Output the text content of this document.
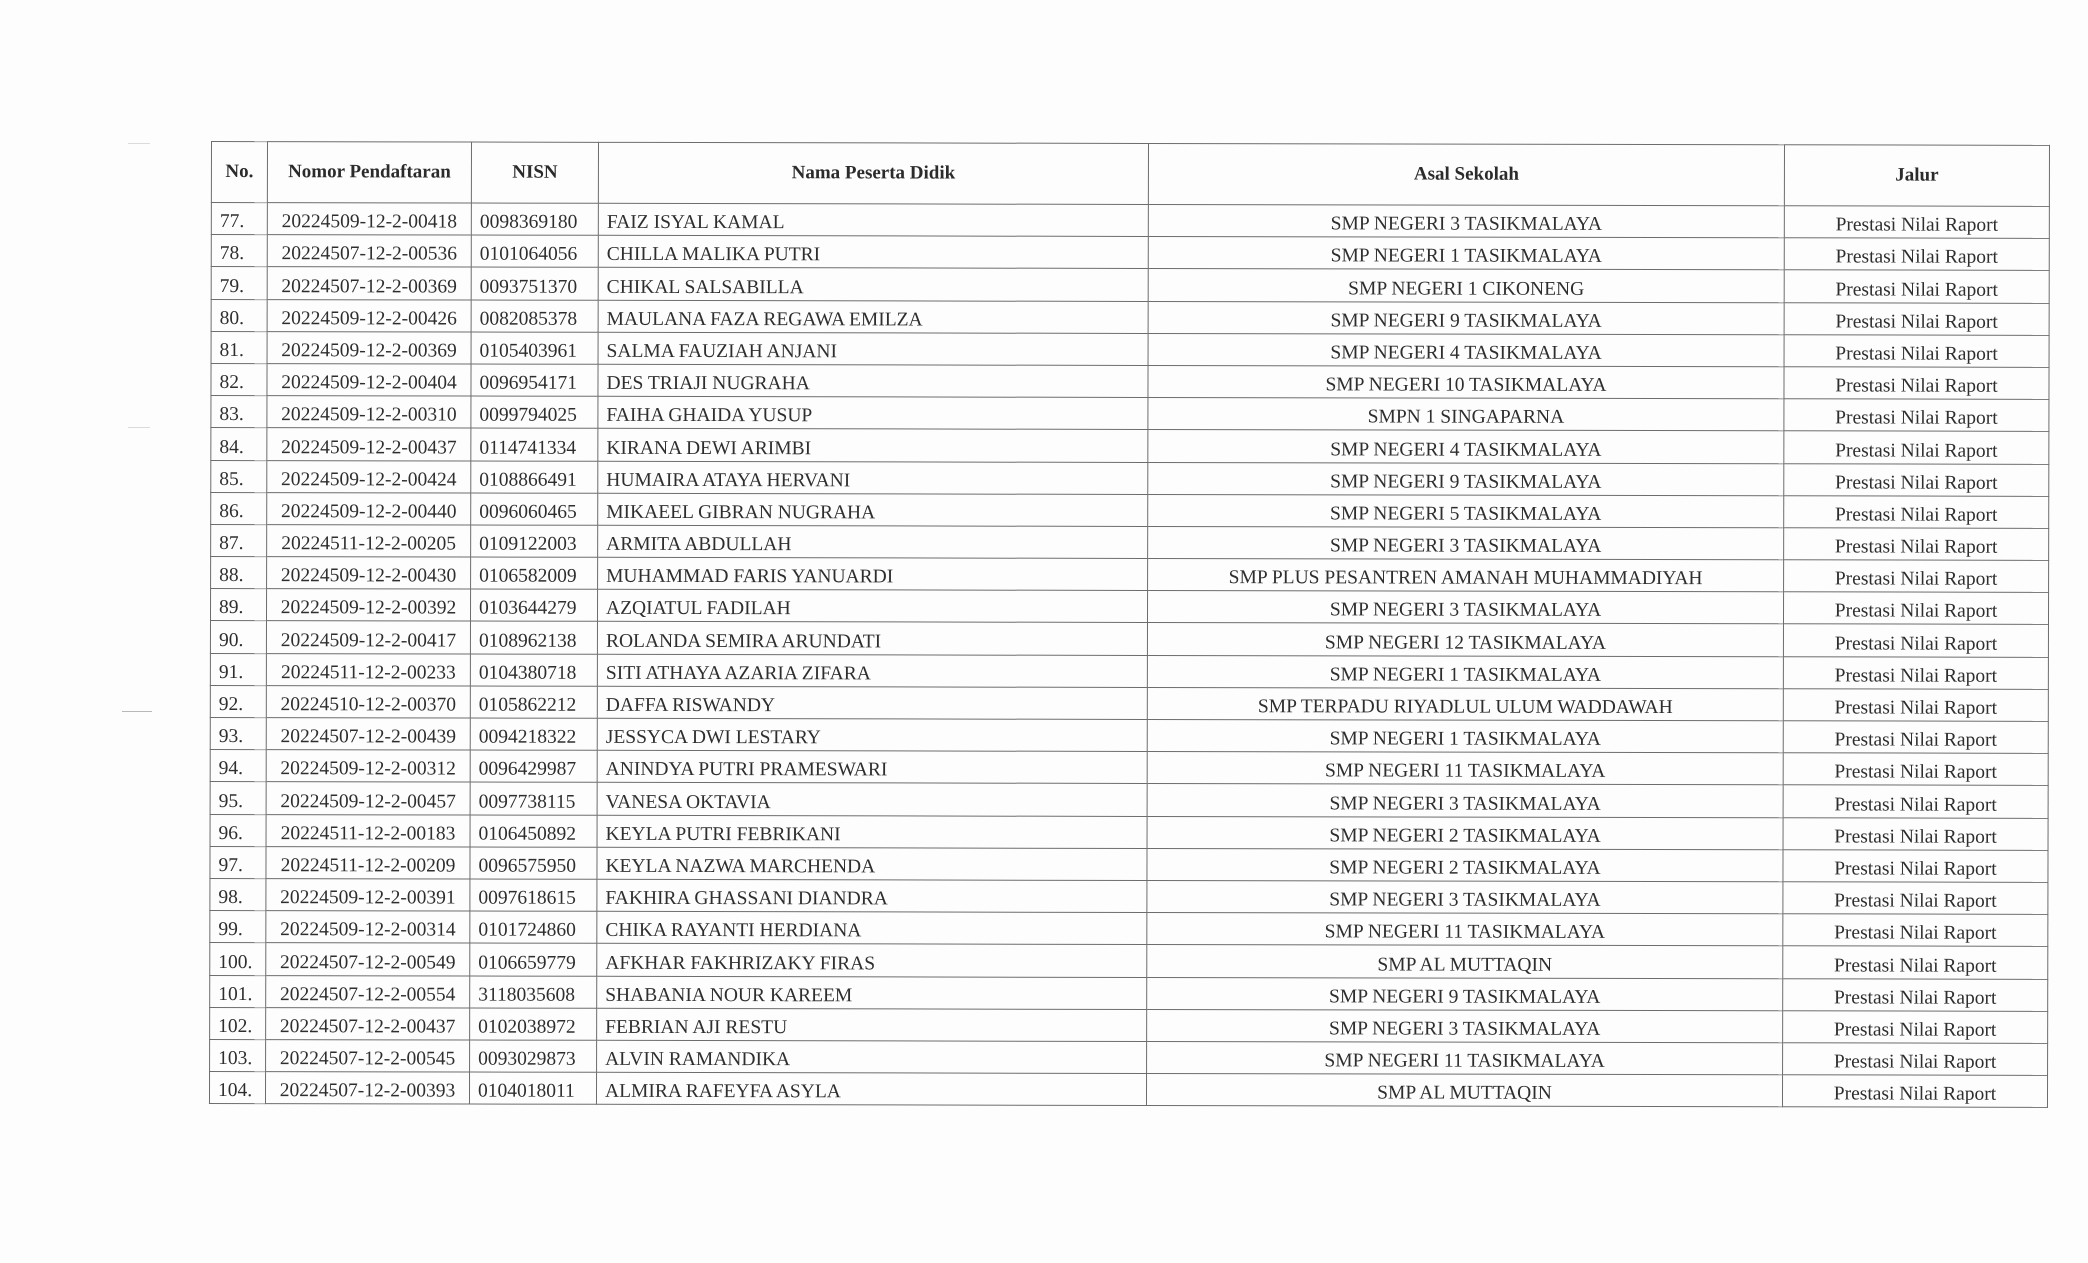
No.	Nomor Pendaftaran	NISN	Nama Peserta Didik	Asal Sekolah	Jalur
77.	20224509-12-2-00418	0098369180	FAIZ ISYAL KAMAL	SMP NEGERI 3 TASIKMALAYA	Prestasi Nilai Raport
78.	20224507-12-2-00536	0101064056	CHILLA MALIKA PUTRI	SMP NEGERI 1 TASIKMALAYA	Prestasi Nilai Raport
79.	20224507-12-2-00369	0093751370	CHIKAL SALSABILLA	SMP NEGERI 1 CIKONENG	Prestasi Nilai Raport
80.	20224509-12-2-00426	0082085378	MAULANA FAZA REGAWA EMILZA	SMP NEGERI 9 TASIKMALAYA	Prestasi Nilai Raport
81.	20224509-12-2-00369	0105403961	SALMA FAUZIAH ANJANI	SMP NEGERI 4 TASIKMALAYA	Prestasi Nilai Raport
82.	20224509-12-2-00404	0096954171	DES TRIAJI NUGRAHA	SMP NEGERI 10 TASIKMALAYA	Prestasi Nilai Raport
83.	20224509-12-2-00310	0099794025	FAIHA GHAIDA YUSUP	SMPN 1 SINGAPARNA	Prestasi Nilai Raport
84.	20224509-12-2-00437	0114741334	KIRANA DEWI ARIMBI	SMP NEGERI 4 TASIKMALAYA	Prestasi Nilai Raport
85.	20224509-12-2-00424	0108866491	HUMAIRA ATAYA HERVANI	SMP NEGERI 9 TASIKMALAYA	Prestasi Nilai Raport
86.	20224509-12-2-00440	0096060465	MIKAEEL GIBRAN NUGRAHA	SMP NEGERI 5 TASIKMALAYA	Prestasi Nilai Raport
87.	20224511-12-2-00205	0109122003	ARMITA ABDULLAH	SMP NEGERI 3 TASIKMALAYA	Prestasi Nilai Raport
88.	20224509-12-2-00430	0106582009	MUHAMMAD FARIS YANUARDI	SMP PLUS PESANTREN AMANAH MUHAMMADIYAH	Prestasi Nilai Raport
89.	20224509-12-2-00392	0103644279	AZQIATUL FADILAH	SMP NEGERI 3 TASIKMALAYA	Prestasi Nilai Raport
90.	20224509-12-2-00417	0108962138	ROLANDA SEMIRA ARUNDATI	SMP NEGERI 12 TASIKMALAYA	Prestasi Nilai Raport
91.	20224511-12-2-00233	0104380718	SITI ATHAYA AZARIA ZIFARA	SMP NEGERI 1 TASIKMALAYA	Prestasi Nilai Raport
92.	20224510-12-2-00370	0105862212	DAFFA RISWANDY	SMP TERPADU RIYADLUL ULUM WADDAWAH	Prestasi Nilai Raport
93.	20224507-12-2-00439	0094218322	JESSYCA DWI LESTARY	SMP NEGERI 1 TASIKMALAYA	Prestasi Nilai Raport
94.	20224509-12-2-00312	0096429987	ANINDYA PUTRI PRAMESWARI	SMP NEGERI 11 TASIKMALAYA	Prestasi Nilai Raport
95.	20224509-12-2-00457	0097738115	VANESA OKTAVIA	SMP NEGERI 3 TASIKMALAYA	Prestasi Nilai Raport
96.	20224511-12-2-00183	0106450892	KEYLA PUTRI FEBRIKANI	SMP NEGERI 2 TASIKMALAYA	Prestasi Nilai Raport
97.	20224511-12-2-00209	0096575950	KEYLA NAZWA MARCHENDA	SMP NEGERI 2 TASIKMALAYA	Prestasi Nilai Raport
98.	20224509-12-2-00391	0097618615	FAKHIRA GHASSANI DIANDRA	SMP NEGERI 3 TASIKMALAYA	Prestasi Nilai Raport
99.	20224509-12-2-00314	0101724860	CHIKA RAYANTI HERDIANA	SMP NEGERI 11 TASIKMALAYA	Prestasi Nilai Raport
100.	20224507-12-2-00549	0106659779	AFKHAR FAKHRIZAKY FIRAS	SMP AL MUTTAQIN	Prestasi Nilai Raport
101.	20224507-12-2-00554	3118035608	SHABANIA NOUR KAREEM	SMP NEGERI 9 TASIKMALAYA	Prestasi Nilai Raport
102.	20224507-12-2-00437	0102038972	FEBRIAN AJI RESTU	SMP NEGERI 3 TASIKMALAYA	Prestasi Nilai Raport
103.	20224507-12-2-00545	0093029873	ALVIN RAMANDIKA	SMP NEGERI 11 TASIKMALAYA	Prestasi Nilai Raport
104.	20224507-12-2-00393	0104018011	ALMIRA RAFEYFA ASYLA	SMP AL MUTTAQIN	Prestasi Nilai Raport
